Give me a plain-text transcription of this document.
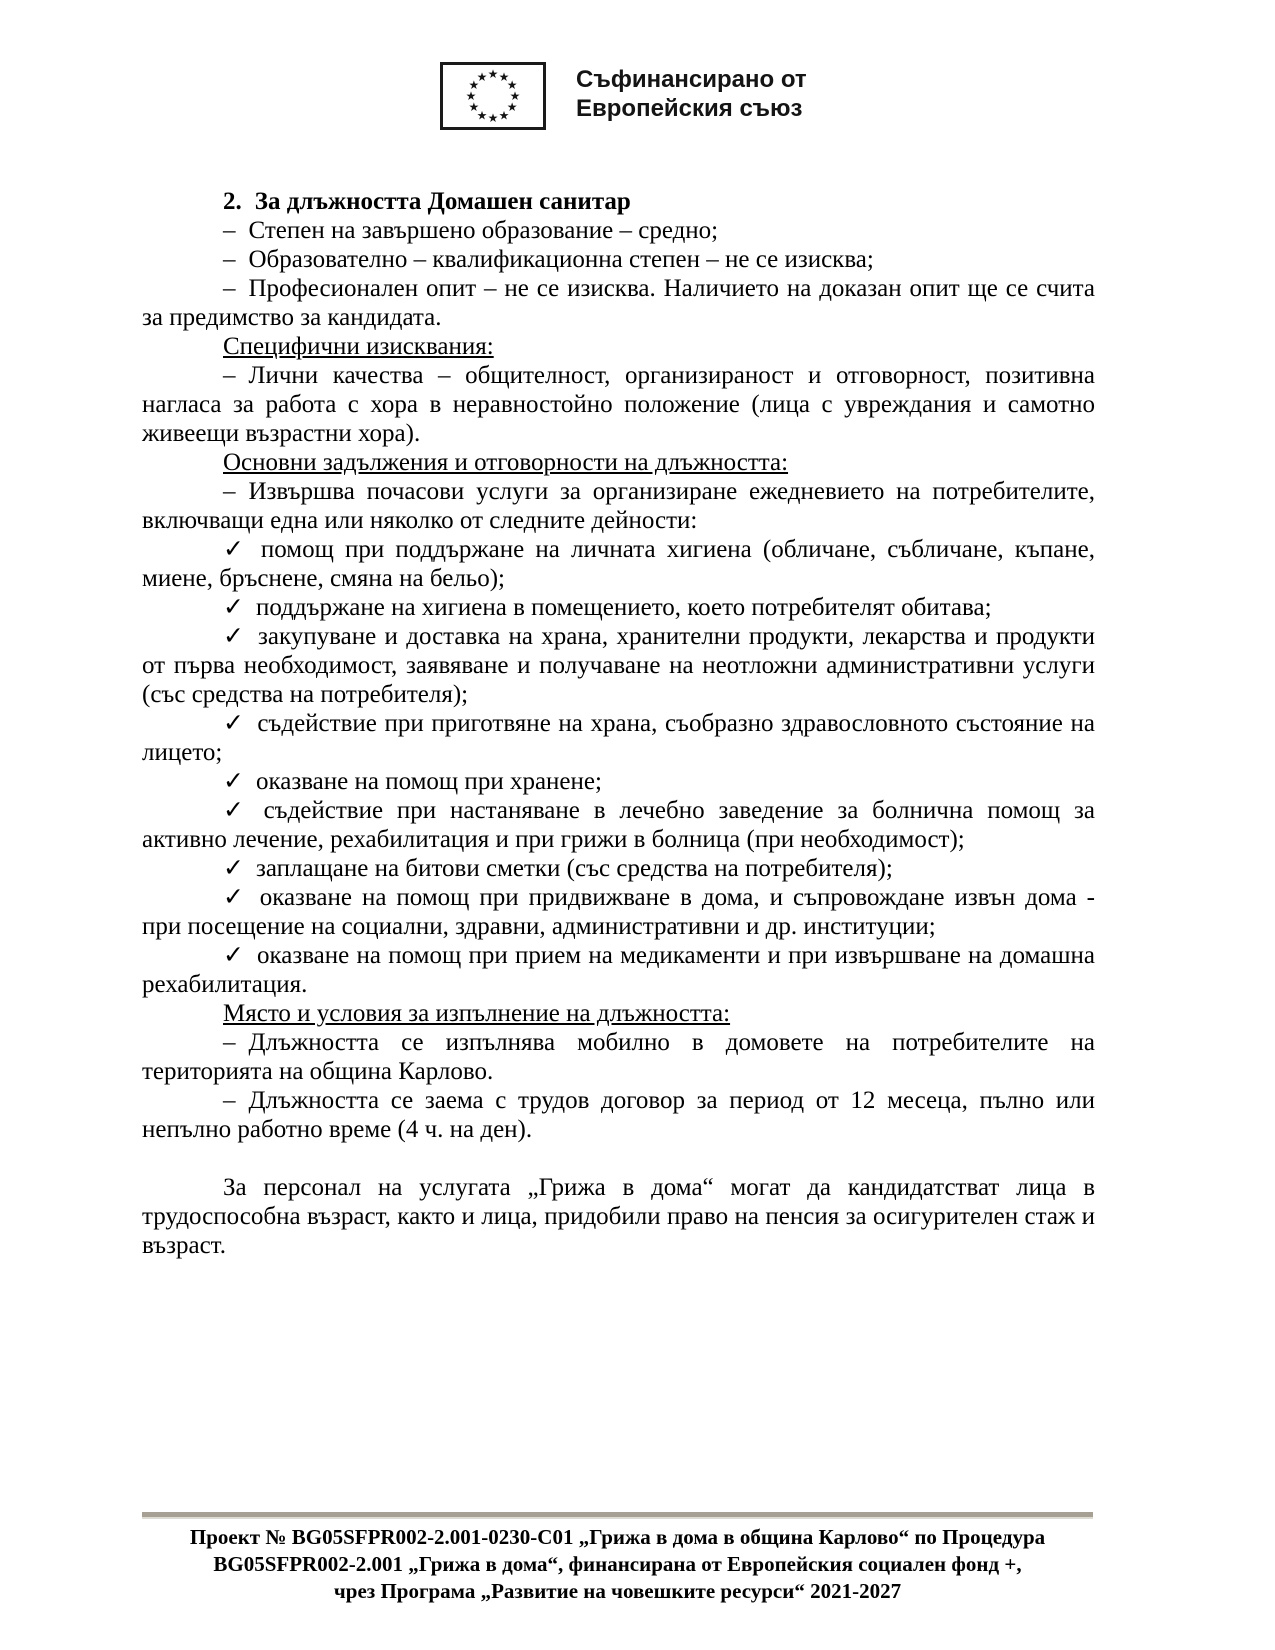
★ ★
★
★
★
★
★
★
★
★
★
★	Съфинансирано от
Европейския съюз

2. За длъжността Домашен санитар

– Степен на завършено образование – средно;

– Образователно – квалификационна степен – не се изисква;

– Професионален опит – не се изисква. Наличието на доказан опит ще се счита за предимство за кандидата.

Специфични изисквания:

– Лични качества – общителност, организираност и отговорност, позитивна нагласа за работа с хора в неравностойно положение (лица с увреждания и самотно живеещи възрастни хора).

Основни задължения и отговорности на длъжността:

– Извършва почасови услуги за организиране ежедневието на потребителите, включващи една или няколко от следните дейности:

✓ помощ при поддържане на личната хигиена (обличане, събличане, къпане, миене, бръснене, смяна на бельо);

✓ поддържане на хигиена в помещението, което потребителят обитава;

✓ закупуване и доставка на храна, хранителни продукти, лекарства и продукти от първа необходимост, заявяване и получаване на неотложни административни услуги (със средства на потребителя);

✓ съдействие при приготвяне на храна, съобразно здравословното състояние на лицето;

✓ оказване на помощ при хранене;

✓ съдействие при настаняване в лечебно заведение за болнична помощ за активно лечение, рехабилитация и при грижи в болница (при необходимост);

✓ заплащане на битови сметки (със средства на потребителя);

✓ оказване на помощ при придвижване в дома, и съпровождане извън дома - при посещение на социални, здравни, административни и др. институции;

✓ оказване на помощ при прием на медикаменти и при извършване на домашна рехабилитация.

Място и условия за изпълнение на длъжността:

– Длъжността се изпълнява мобилно в домовете на потребителите на територията на община Карлово.

– Длъжността се заема с трудов договор за период от 12 месеца, пълно или непълно работно време (4 ч. на ден).

За персонал на услугата „Грижа в дома“ могат да кандидатстват лица в трудоспособна възраст, както и лица, придобили право на пенсия за осигурителен стаж и възраст.

Проект № BG05SFPR002-2.001-0230-C01 „Грижа в дома в община Карлово“ по Процедура
BG05SFPR002-2.001 „Грижа в дома“, финансирана от Европейския социален фонд +,
чрез Програма „Развитие на човешките ресурси“ 2021-2027
